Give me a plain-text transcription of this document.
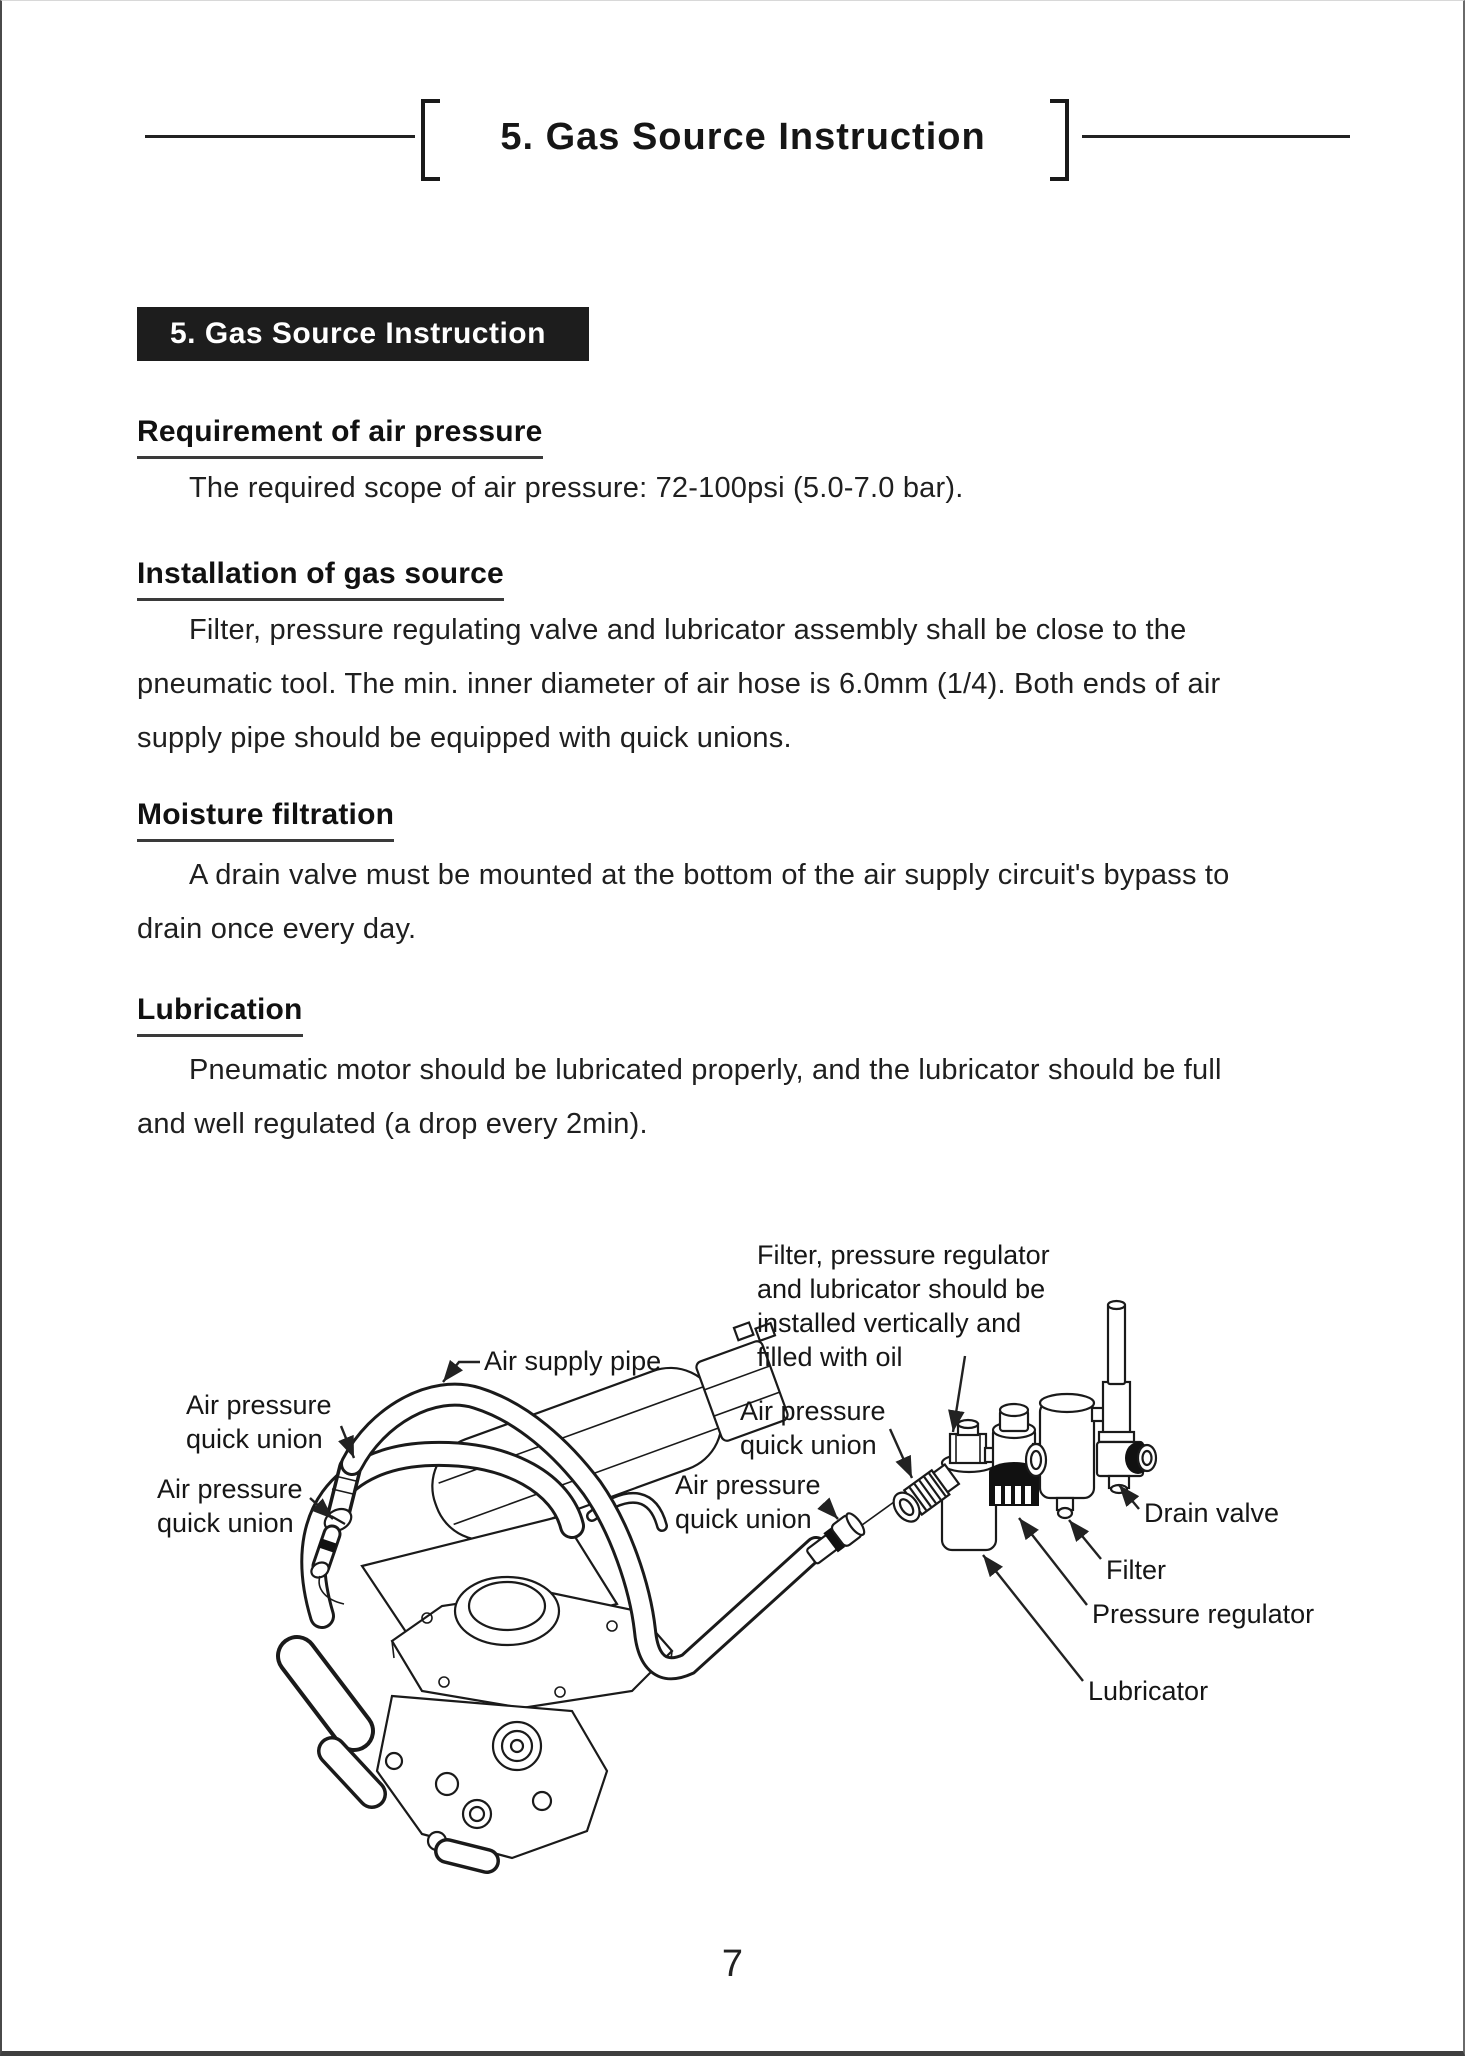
5. Gas Source Instruction
5. Gas Source Instruction
Requirement of air pressure
The required scope of air pressure: 72-100psi (5.0-7.0 bar).
Installation of gas source
Filter, pressure regulating valve and lubricator assembly shall be close to the
pneumatic tool. The min. inner diameter of air hose is 6.0mm (1/4). Both ends of air
supply pipe should be equipped with quick unions.
Moisture filtration
A drain valve must be mounted at the bottom of the air supply circuit's bypass to
drain once every day.
Lubrication
Pneumatic motor should be lubricated properly, and the lubricator should be full
and well regulated (a drop every 2min).
Filter, pressure regulator
and lubricator should be
installed vertically and
filled with oil
Air supply pipe
Air pressure
quick union
Air pressure
quick union
Air pressure
quick union
Air pressure
quick union	Drain valve
Filter
Pressure regulator
Lubricator
7
